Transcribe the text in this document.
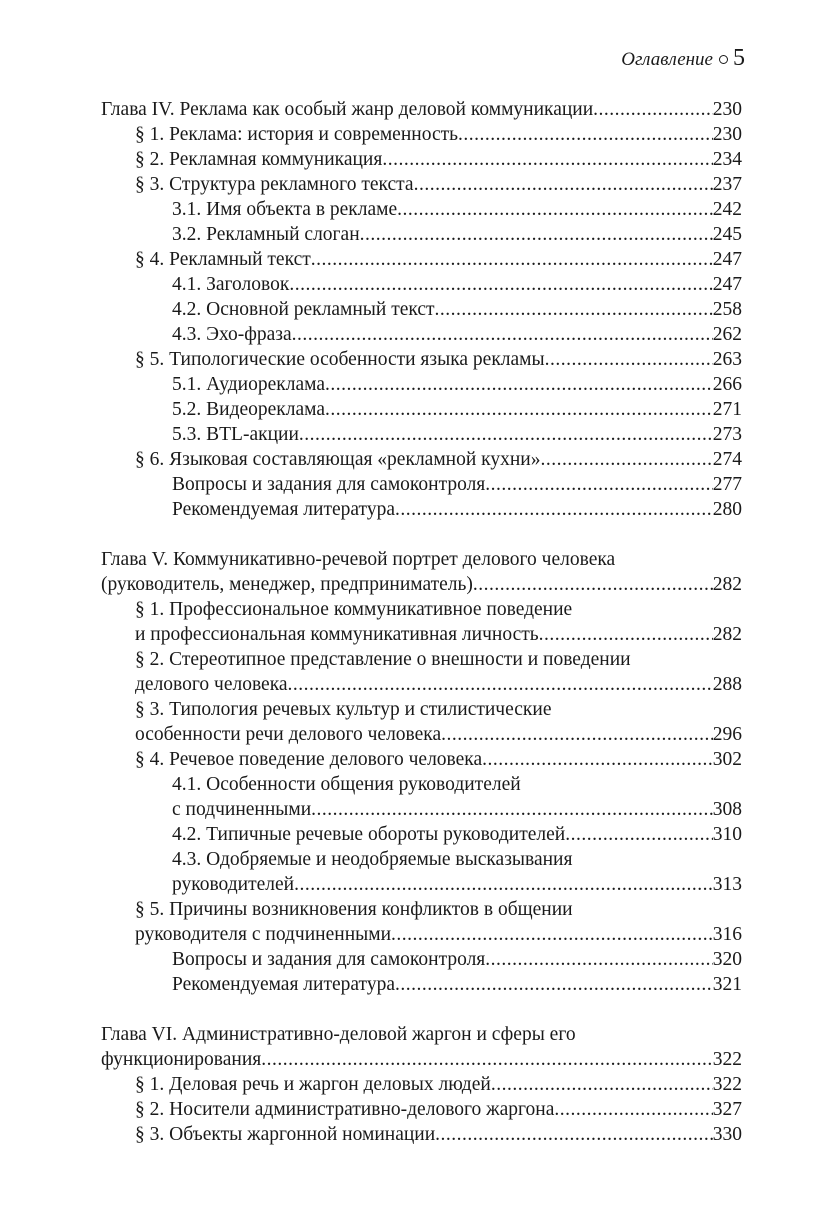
Оглавление 5
Глава IV. Реклама как особый жанр деловой коммуникации .....	230
§ 1. Реклама: история и современность .....	230
§ 2. Рекламная коммуникация .....	234
§ 3. Структура рекламного текста .....	237
3.1. Имя объекта в рекламе .....	242
3.2. Рекламный слоган .....	245
§ 4. Рекламный текст .....	247
4.1. Заголовок .....	247
4.2. Основной рекламный текст .....	258
4.3. Эхо-фраза .....	262
§ 5. Типологические особенности языка рекламы .....	263
5.1. Аудиореклама .....	266
5.2. Видеореклама .....	271
5.3. BTL-акции .....	273
§ 6. Языковая составляющая «рекламной кухни» .....	274
Вопросы и задания для самоконтроля .....	277
Рекомендуемая литература .....	280
Глава V. Коммуникативно-речевой портрет делового человека
(руководитель, менеджер, предприниматель) .....	282
§ 1. Профессиональное коммуникативное поведение
и профессиональная коммуникативная личность .....	282
§ 2. Стереотипное представление о внешности и поведении
делового человека .....	288
§ 3. Типология речевых культур и стилистические
особенности речи делового человека .....	296
§ 4. Речевое поведение делового человека .....	302
4.1. Особенности общения руководителей
с подчиненными .....	308
4.2. Типичные речевые обороты руководителей .....	310
4.3. Одобряемые и неодобряемые высказывания
руководителей .....	313
§ 5. Причины возникновения конфликтов в общении
руководителя с подчиненными .....	316
Вопросы и задания для самоконтроля .....	320
Рекомендуемая литература .....	321
Глава VI. Административно-деловой жаргон и сферы его
функционирования .....	322
§ 1. Деловая речь и жаргон деловых людей .....	322
§ 2. Носители административно-делового жаргона .....	327
§ 3. Объекты жаргонной номинации .....	330
